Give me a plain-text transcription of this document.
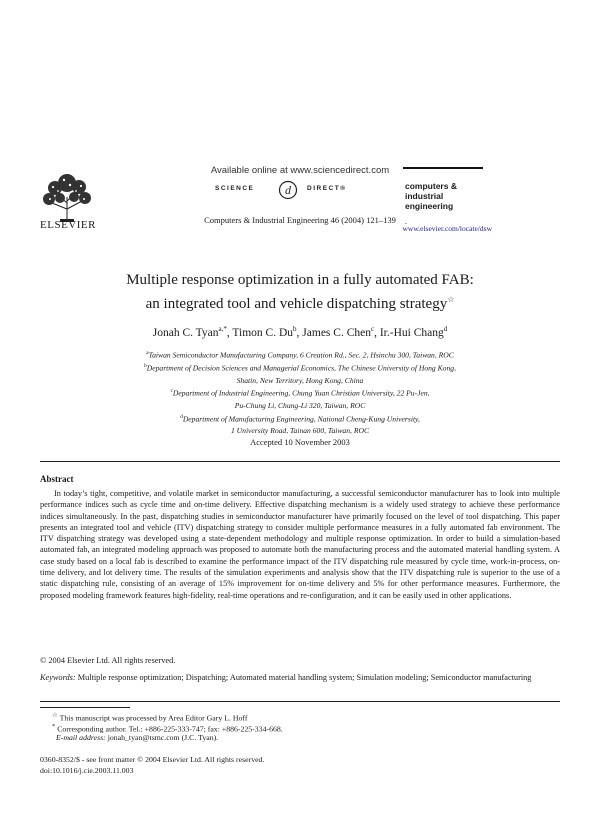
ELSEVIER
Available online at www.sciencedirect.com
SCIENCE	d DIRECT®
Computers & Industrial Engineering 46 (2004) 121–139
computers &
industrial
engineering
.
www.elsevier.com/locate/dsw
Multiple response optimization in a fully automated FAB:
an integrated tool and vehicle dispatching strategy☆
Jonah C. Tyan$^{a,*}$, Timon C. Du$^b$, James C. Chen$^c$, Ir.-Hui Chang$^d$
$^a$Taiwan Semiconductor Manufacturing Company, 6 Creation Rd., Sec. 2, Hsinchu 300, Taiwan, ROC
$^b$Department of Decision Sciences and Managerial Economics, The Chinese University of Hong Kong,
Shatin, New Territory, Hong Kong, China
$^c$Department of Industrial Engineering, Chung Yuan Christian University, 22 Pu-Jen,
Pu-Chung Li, Chung-Li 320, Taiwan, ROC
$^d$Department of Manufacturing Engineering, National Cheng-Kung University,
1 University Road, Tainan 600, Taiwan, ROC
Accepted 10 November 2003
Abstract
In today’s tight, competitive, and volatile market in semiconductor manufacturing, a successful semiconductor manufacturer has to look into multiple performance indices such as cycle time and on-time delivery. Effective dispatching mechanism is a widely used strategy to achieve these performance indices simultaneously. In the past, dispatching studies in semiconductor manufacturer have primarily focused on the level of tool dispatching. This paper presents an integrated tool and vehicle (ITV) dispatching strategy to consider multiple performance measures in a fully automated fab environment. The ITV dispatching strategy was developed using a state-dependent methodology and multiple response optimization. In order to build a simulation-based automated fab, an integrated modeling approach was proposed to automate both the manufacturing process and the automated material handling system. A case study based on a local fab is described to examine the performance impact of the ITV dispatching rule measured by cycle time, work-in-process, on-time delivery, and lot delivery time. The results of the simulation experiments and analysis show that the ITV dispatching rule is superior to the use of a static dispatching rule, consisting of an average of 15% improvement for on-time delivery and 5% for other performance measures. Furthermore, the proposed modeling framework features high-fidelity, real-time operations and re-configuration, and it can be easily used in other applications.
© 2004 Elsevier Ltd. All rights reserved.
Keywords: Multiple response optimization; Dispatching; Automated material handling system; Simulation modeling; Semiconductor manufacturing
☆ This manuscript was processed by Area Editor Gary L. Hoff
* Corresponding author. Tel.: +886-225-333-747; fax: +886-225-334-668.
E-mail address: jonah_tyan@tsmc.com (J.C. Tyan).
0360-8352/$ - see front matter © 2004 Elsevier Ltd. All rights reserved.
doi:10.1016/j.cie.2003.11.003
